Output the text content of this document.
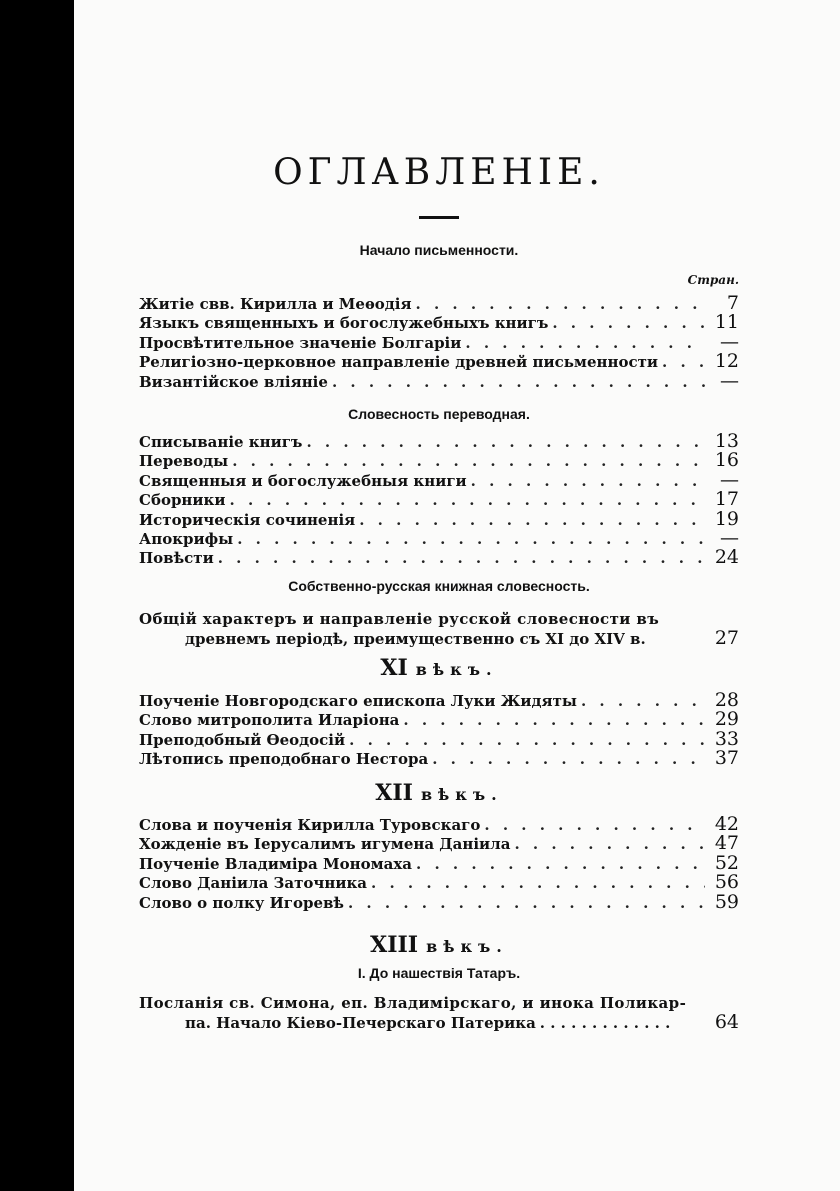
ОГЛАВЛЕНІЕ.
Начало письменности.
Стран.
Житіе свв. Кирилла и Меѳодія . . .	7
Языкъ священныхъ и богослужебныхъ книгъ . . .	11
Просвѣтительное значеніе Болгаріи . . .	—
Религіозно-церковное направленіе древней письменности . . .	12
Византійское вліяніе . . .	—
Словесность переводная.
Списываніе книгъ . . .	13
Переводы . . .	16
Священныя и богослужебныя книги . . .	—
Сборники . . .	17
Историческія сочиненія . . .	19
Апокрифы . . .	—
Повѣсти . . .	24
Собственно-русская книжная словесность.
Общій характеръ и направленіе русской словесности въ
древнемъ періодѣ, преимущественно съ XI до XIV в.	27
XI вѣкъ.
Поученіе Новгородскаго епископа Луки Жидяты . . .	28
Слово митрополита Иларіона . . .	29
Преподобный Ѳеодосій . . .	33
Лѣтопись преподобнаго Нестора . . .	37
XII вѣкъ.
Слова и поученія Кирилла Туровскаго . . .	42
Хожденіе въ Іерусалимъ игумена Даніила . . .	47
Поученіе Владиміра Мономаха . . .	52
Слово Даніила Заточника . . .	56
Слово о полку Игоревѣ . . .	59
XIII вѣкъ.
I. До нашествія Татаръ.
Посланія св. Симона, еп. Владимірскаго, и инока Поликар-
па. Начало Кіево-Печерскаго Патерика . . . . . . . . . . . . .	64
